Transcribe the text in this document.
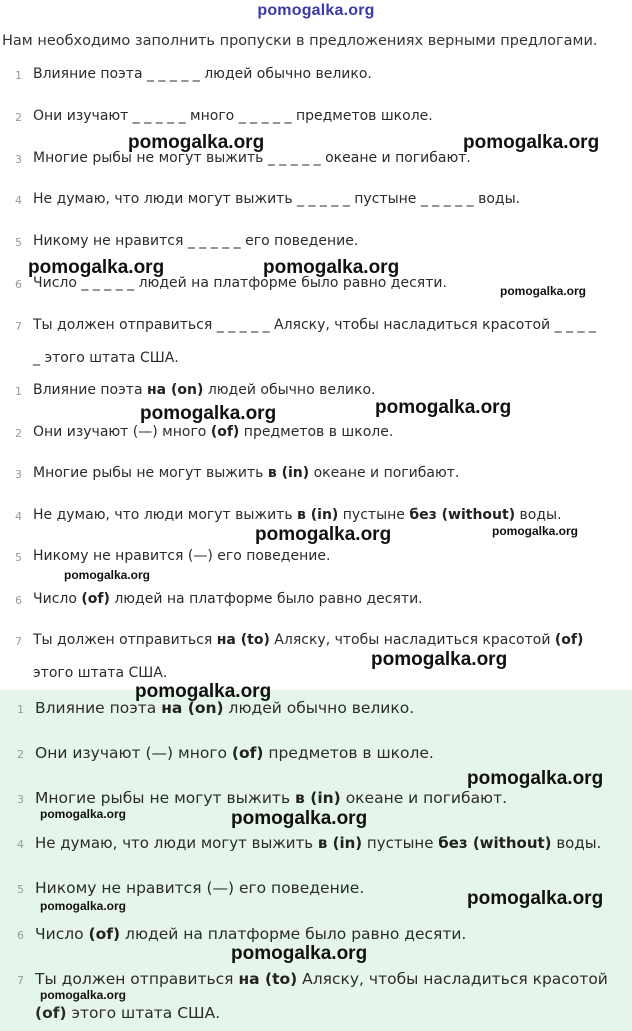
pomogalka.org
Нам необходимо заполнить пропуски в предложениях верными предлогами.
1 Влияние поэта _ _ _ _ _ людей обычно велико.
2 Они изучают _ _ _ _ _ много _ _ _ _ _ предметов школе.
3 Многие рыбы не могут выжить _ _ _ _ _ океане и погибают.
4 Не думаю, что люди могут выжить _ _ _ _ _ пустыне _ _ _ _ _ воды.
5 Никому не нравится _ _ _ _ _ его поведение.
6 Число _ _ _ _ _ людей на платформе было равно десяти.
7 Ты должен отправиться _ _ _ _ _ Аляску, чтобы насладиться красотой _ _ _ _
_ этого штата США.
1 Влияние поэта на (on) людей обычно велико.
2 Они изучают (—) много (of) предметов в школе.
3 Многие рыбы не могут выжить в (in) океане и погибают.
4 Не думаю, что люди могут выжить в (in) пустыне без (without) воды.
5 Никому не нравится (—) его поведение.
6 Число (of) людей на платформе было равно десяти.
7 Ты должен отправиться на (to) Аляску, чтобы насладиться красотой (of)
этого штата США.
1 Влияние поэта на (on) людей обычно велико.
2 Они изучают (—) много (of) предметов в школе.
3 Многие рыбы не могут выжить в (in) океане и погибают.
4 Не думаю, что люди могут выжить в (in) пустыне без (without) воды.
5 Никому не нравится (—) его поведение.
6 Число (of) людей на платформе было равно десяти.
7 Ты должен отправиться на (to) Аляску, чтобы насладиться красотой
(of) этого штата США.
pomogalka.org	pomogalka.org
pomogalka.org	pomogalka.org
pomogalka.org
pomogalka.org	pomogalka.org
pomogalka.org	pomogalka.org
pomogalka.org
pomogalka.org
pomogalka.org
pomogalka.org
pomogalka.org	pomogalka.org
pomogalka.org
pomogalka.org
pomogalka.org
pomogalka.org
